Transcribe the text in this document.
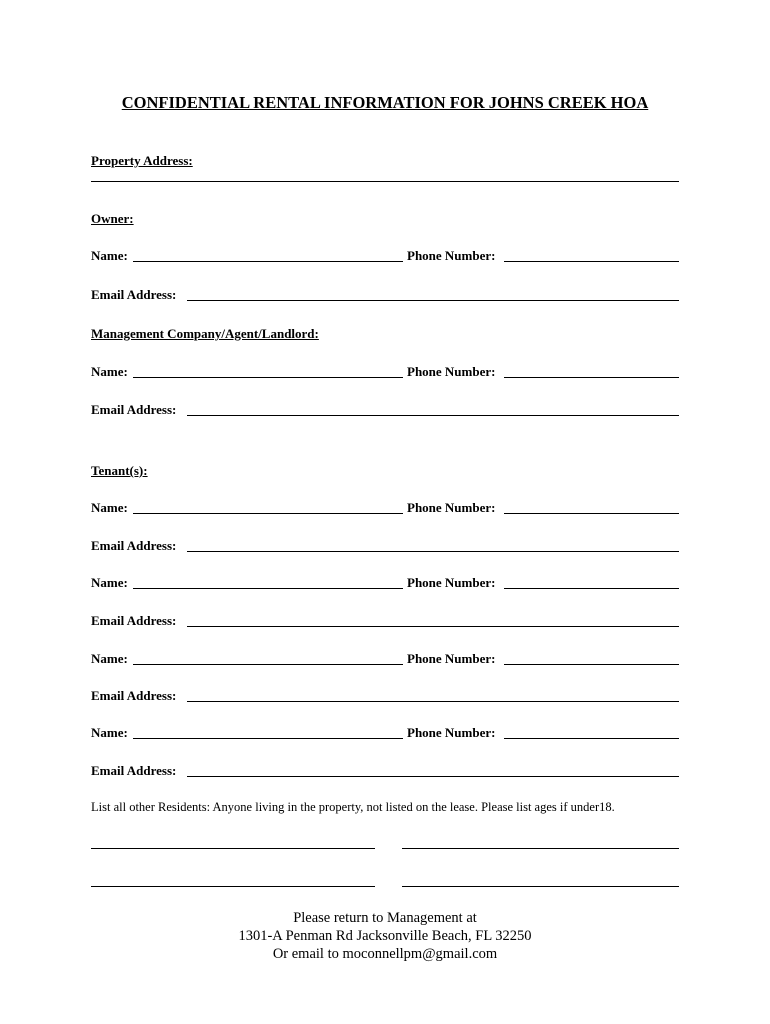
CONFIDENTIAL RENTAL INFORMATION FOR JOHNS CREEK HOA
Property Address:
Owner:
Name:	Phone Number:
Email Address:
Management Company/Agent/Landlord:
Name:	Phone Number:
Email Address:
Tenant(s):
Name:	Phone Number:
Email Address:
Name:	Phone Number:
Email Address:
Name:	Phone Number:
Email Address:
Name:	Phone Number:
Email Address:
List all other Residents: Anyone living in the property, not listed on the lease. Please list ages if under18.
Please return to Management at
1301-A Penman Rd Jacksonville Beach, FL 32250
Or email to moconnellpm@gmail.com
